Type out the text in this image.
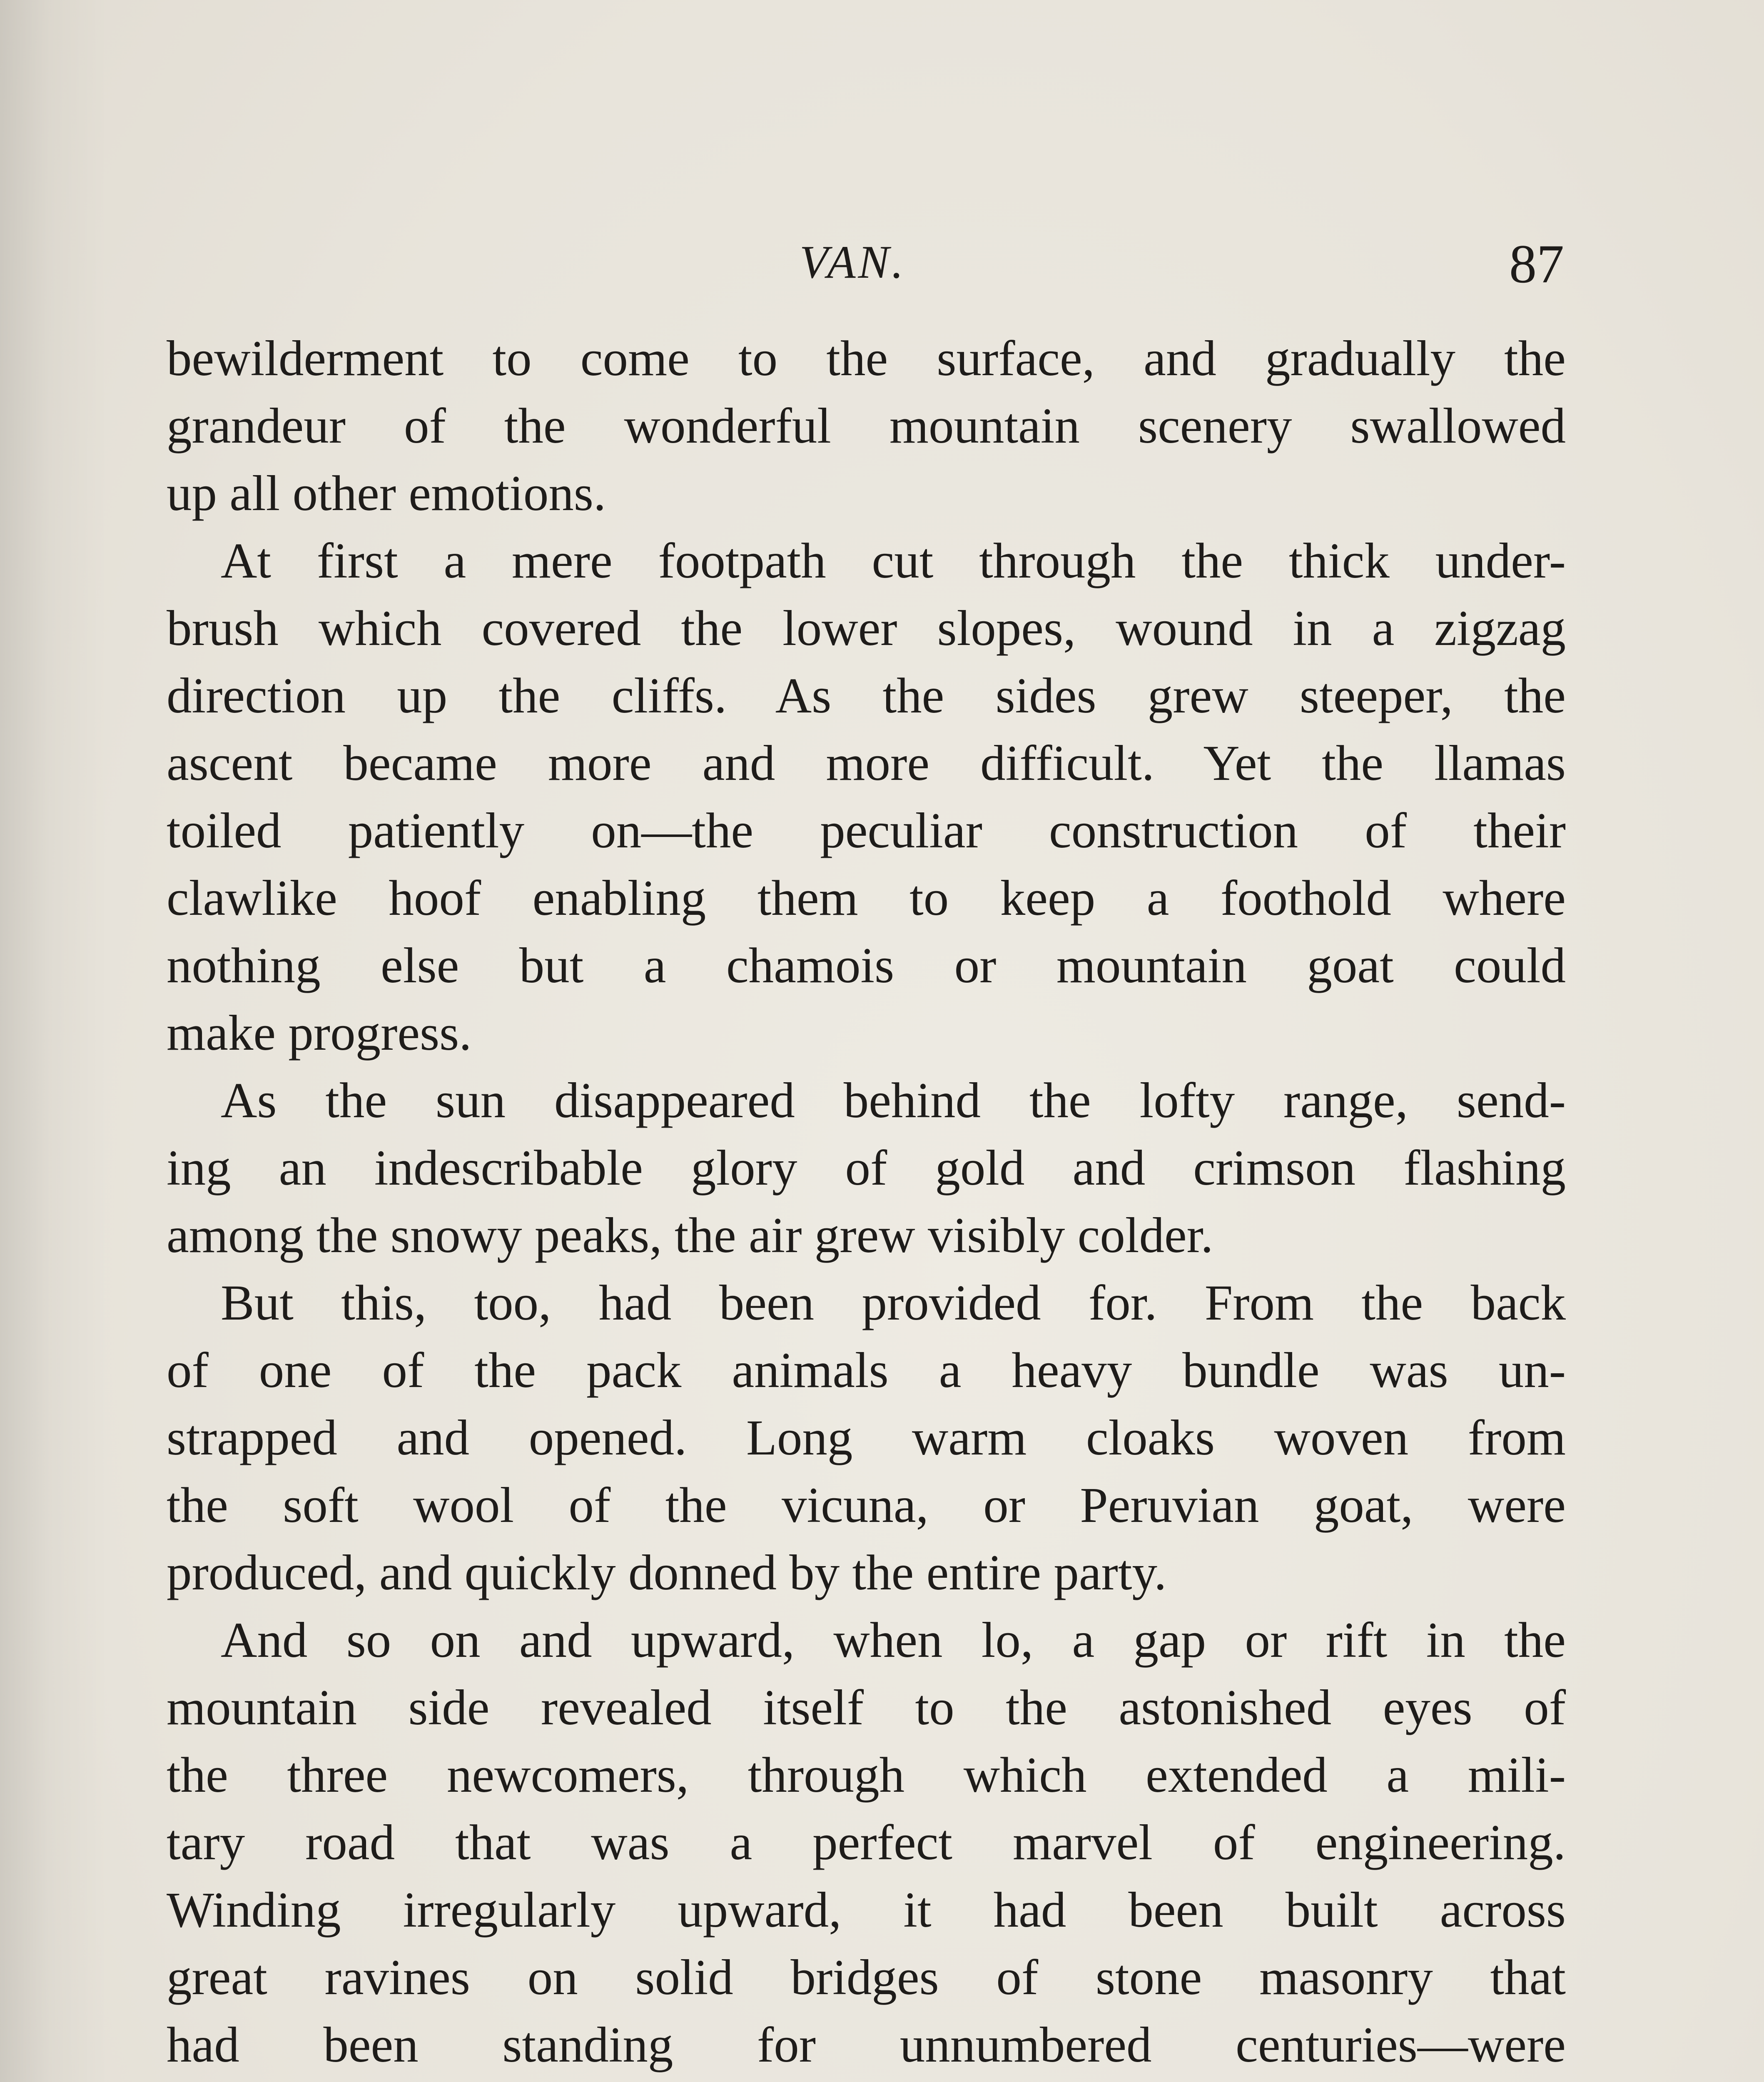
VAN.	87

bewilderment to come to the surface, and gradually the
grandeur of the wonderful mountain scenery swallowed
up all other emotions.

At first a mere footpath cut through the thick under-
brush which covered the lower slopes, wound in a zigzag
direction up the cliffs. As the sides grew steeper, the
ascent became more and more difficult. Yet the llamas
toiled patiently on—the peculiar construction of their
clawlike hoof enabling them to keep a foothold where
nothing else but a chamois or mountain goat could
make progress.

As the sun disappeared behind the lofty range, send-
ing an indescribable glory of gold and crimson flashing
among the snowy peaks, the air grew visibly colder.

But this, too, had been provided for. From the back
of one of the pack animals a heavy bundle was un-
strapped and opened. Long warm cloaks woven from
the soft wool of the vicuna, or Peruvian goat, were
produced, and quickly donned by the entire party.

And so on and upward, when lo, a gap or rift in the
mountain side revealed itself to the astonished eyes of
the three newcomers, through which extended a mili-
tary road that was a perfect marvel of engineering.
Winding irregularly upward, it had been built across
great ravines on solid bridges of stone masonry that
had been standing for unnumbered centuries—were
